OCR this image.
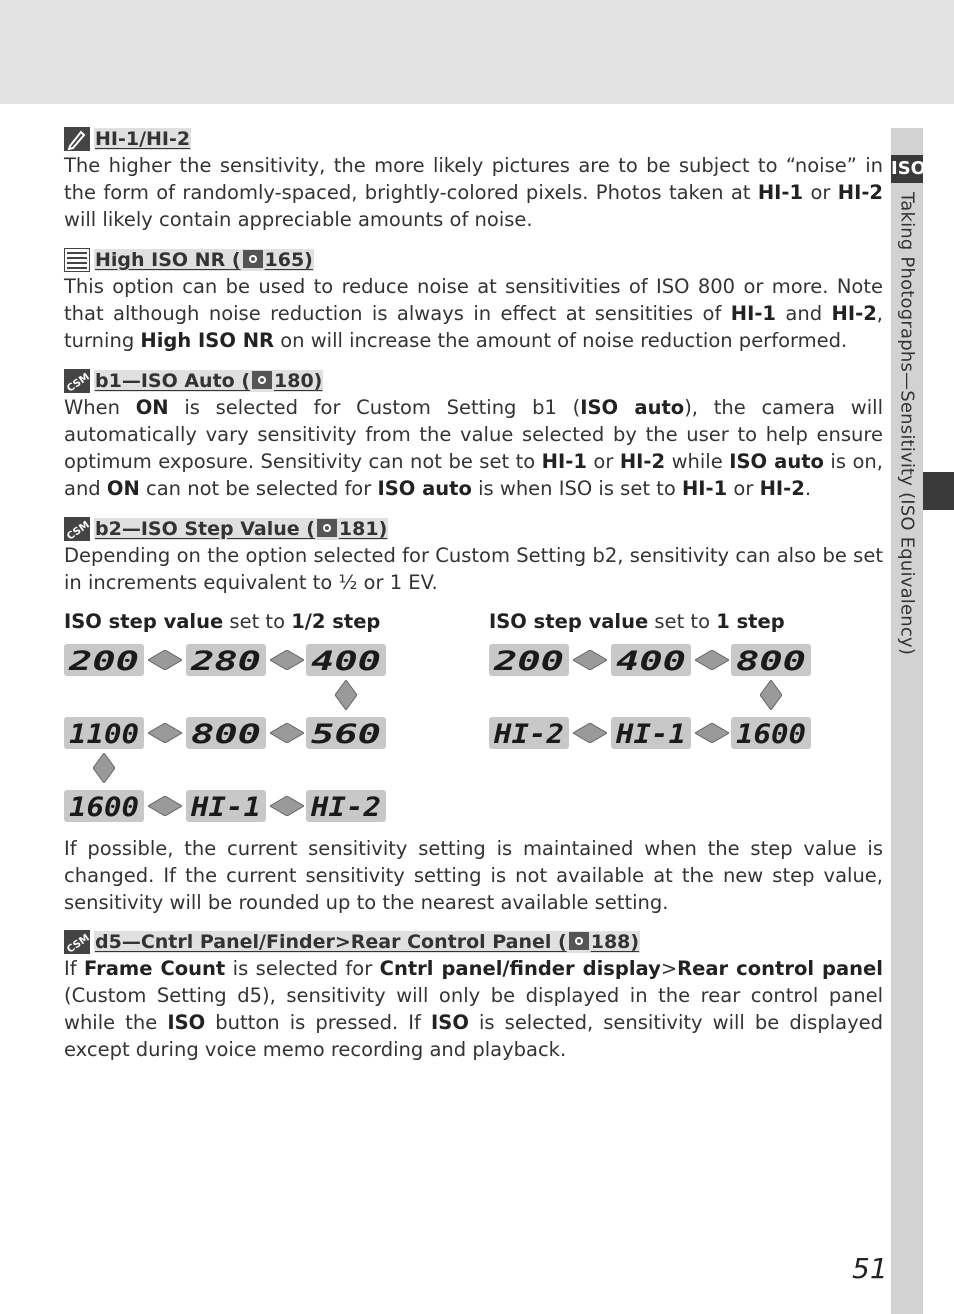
ISO
Taking Photographs—Sensitivity (ISO Equivalency)
HI-1/HI-2

The higher the sensitivity, the more likely pictures are to be subject to “noise” in the form of randomly-spaced, brightly-colored pixels. Photos taken at HI-1 or HI-2 will likely contain appreciable amounts of noise.

High ISO NR ( 165)

This option can be used to reduce noise at sensitivities of ISO 800 or more. Note that although noise reduction is always in effect at sensitities of HI-1 and HI-2, turning High ISO NR on will increase the amount of noise reduction performed.

CSM b1—ISO Auto ( 180)

When ON is selected for Custom Setting b1 (ISO auto), the camera will automatically vary sensitivity from the value selected by the user to help ensure optimum exposure. Sensitivity can not be set to HI-1 or HI-2 while ISO auto is on, and ON can not be selected for ISO auto is when ISO is set to HI-1 or HI-2.

CSM b2—ISO Step Value ( 181)

Depending on the option selected for Custom Setting b2, sensitivity can also be set in increments equivalent to ½ or 1 EV.

ISO step value set to 1/2 step	ISO step value set to 1 step
200 280 400
1100 800 560
1600 HI-1 HI-2
200 400 800
HI-2 HI-1 1600

If possible, the current sensitivity setting is maintained when the step value is changed. If the current sensitivity setting is not available at the new step value, sensitivity will be rounded up to the nearest available setting.

CSM d5—Cntrl Panel/Finder>Rear Control Panel ( 188)

If Frame Count is selected for Cntrl panel/finder display>Rear control panel (Custom Setting d5), sensitivity will only be displayed in the rear control panel while the ISO button is pressed. If ISO is selected, sensitivity will be displayed except during voice memo recording and playback.

51
